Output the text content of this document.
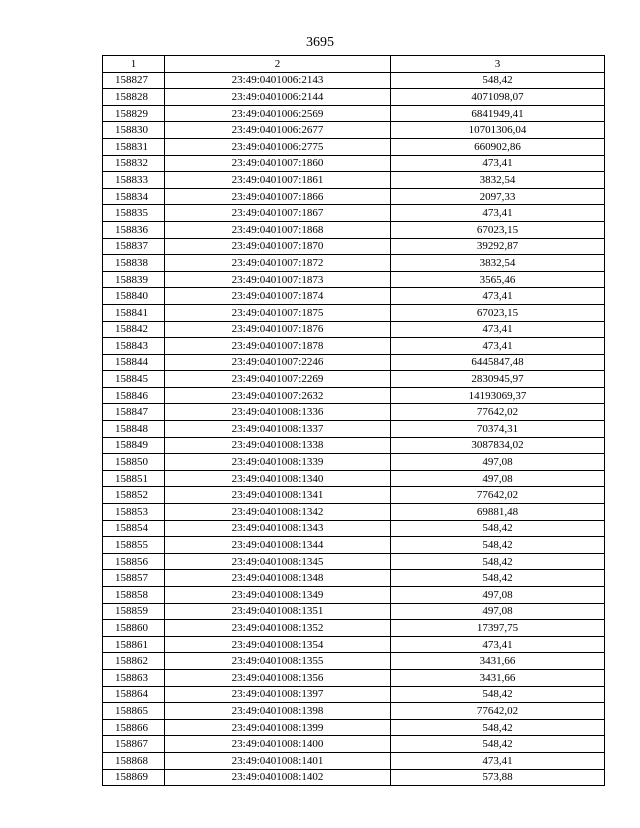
3695
1	2	3
158827	23:49:0401006:2143	548,42
158828	23:49:0401006:2144	4071098,07
158829	23:49:0401006:2569	6841949,41
158830	23:49:0401006:2677	10701306,04
158831	23:49:0401006:2775	660902,86
158832	23:49:0401007:1860	473,41
158833	23:49:0401007:1861	3832,54
158834	23:49:0401007:1866	2097,33
158835	23:49:0401007:1867	473,41
158836	23:49:0401007:1868	67023,15
158837	23:49:0401007:1870	39292,87
158838	23:49:0401007:1872	3832,54
158839	23:49:0401007:1873	3565,46
158840	23:49:0401007:1874	473,41
158841	23:49:0401007:1875	67023,15
158842	23:49:0401007:1876	473,41
158843	23:49:0401007:1878	473,41
158844	23:49:0401007:2246	6445847,48
158845	23:49:0401007:2269	2830945,97
158846	23:49:0401007:2632	14193069,37
158847	23:49:0401008:1336	77642,02
158848	23:49:0401008:1337	70374,31
158849	23:49:0401008:1338	3087834,02
158850	23:49:0401008:1339	497,08
158851	23:49:0401008:1340	497,08
158852	23:49:0401008:1341	77642,02
158853	23:49:0401008:1342	69881,48
158854	23:49:0401008:1343	548,42
158855	23:49:0401008:1344	548,42
158856	23:49:0401008:1345	548,42
158857	23:49:0401008:1348	548,42
158858	23:49:0401008:1349	497,08
158859	23:49:0401008:1351	497,08
158860	23:49:0401008:1352	17397,75
158861	23:49:0401008:1354	473,41
158862	23:49:0401008:1355	3431,66
158863	23:49:0401008:1356	3431,66
158864	23:49:0401008:1397	548,42
158865	23:49:0401008:1398	77642,02
158866	23:49:0401008:1399	548,42
158867	23:49:0401008:1400	548,42
158868	23:49:0401008:1401	473,41
158869	23:49:0401008:1402	573,88
